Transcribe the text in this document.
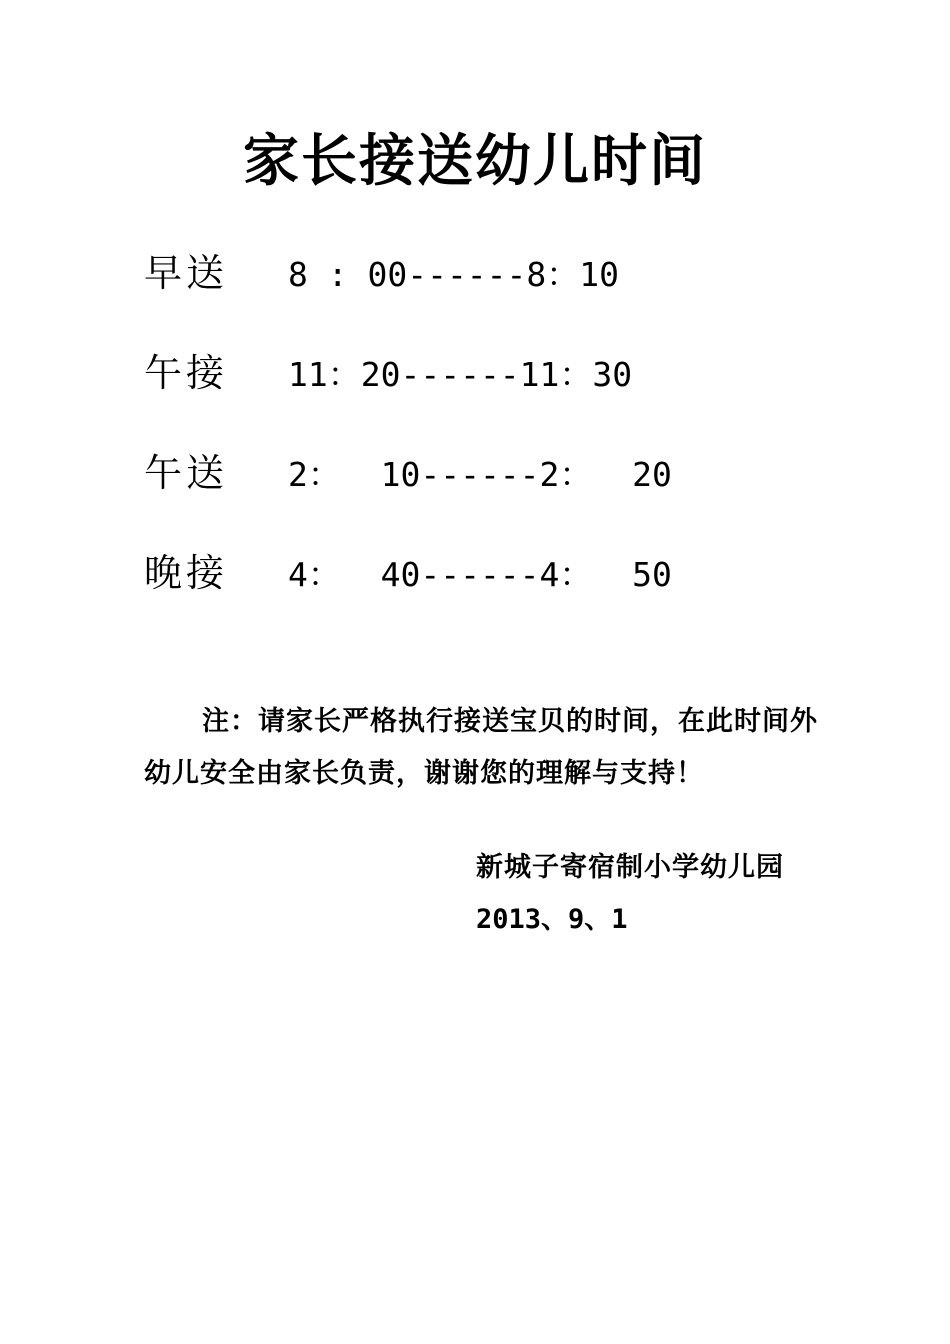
家长接送幼儿时间
早送 8 : 00------8：10
午接 11：20------11：30
午送 2：  10------2：  20
晚接 4：  40------4：  50
注：请家长严格执行接送宝贝的时间，在此时间外幼儿安全由家长负责，谢谢您的理解与支持！
新城子寄宿制小学幼儿园
2013、9、1
